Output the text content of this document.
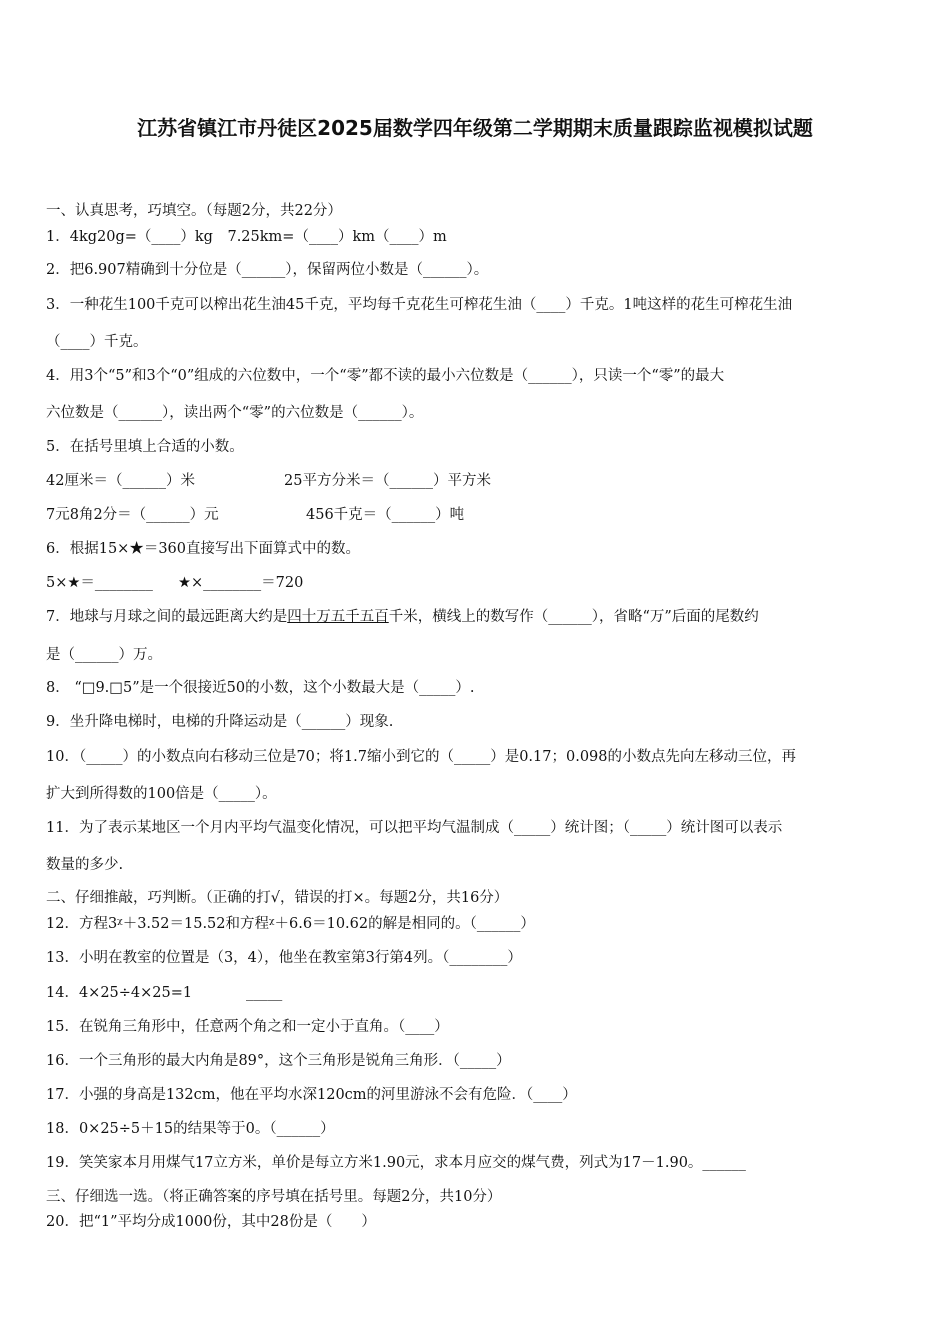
江苏省镇江市丹徒区2025届数学四年级第二学期期末质量跟踪监视模拟试题
一、认真思考，巧填空。（每题2分，共22分）
1．4kg20g=（____）kg　7.25km=（____）km（____）m
2．把6.907精确到十分位是（______），保留两位小数是（______）。
3．一种花生100千克可以榨出花生油45千克，平均每千克花生可榨花生油（____）千克。1吨这样的花生可榨花生油
（____）千克。
4．用3个“5”和3个“0”组成的六位数中，一个“零”都不读的最小六位数是（______），只读一个“零”的最大
六位数是（______），读出两个“零”的六位数是（______）。
5．在括号里填上合适的小数。
42厘米＝（______）米	25平方分米＝（______）平方米
7元8角2分＝（______）元	456千克＝（______）吨
6．根据15×★＝360直接写出下面算式中的数。
5×★＝________ ★×________＝720
7．地球与月球之间的最远距离大约是四十万五千五百千米，横线上的数写作（______），省略“万”后面的尾数约
是（______）万。
8． “□9.□5”是一个很接近50的小数，这个小数最大是（_____）.
9．坐升降电梯时，电梯的升降运动是（______）现象.
10．（_____）的小数点向右移动三位是70；将1.7缩小到它的（_____）是0.17；0.098的小数点先向左移动三位，再
扩大到所得数的100倍是（_____）。
11．为了表示某地区一个月内平均气温变化情况，可以把平均气温制成（_____）统计图；（_____）统计图可以表示
数量的多少.
二、仔细推敲，巧判断。（正确的打√，错误的打×。每题2分，共16分）
12．方程3ᵡ＋3.52＝15.52和方程ᵡ＋6.6＝10.62的解是相同的。（______）
13．小明在教室的位置是（3，4），他坐在教室第3行第4列。（________）
14．4×25÷4×25=1	_____
15．在锐角三角形中，任意两个角之和一定小于直角。（____）
16．一个三角形的最大内角是89°，这个三角形是锐角三角形．（_____）
17．小强的身高是132cm，他在平均水深120cm的河里游泳不会有危险．（____）
18．0×25÷5＋15的结果等于0。（______）
19．笑笑家本月用煤气17立方米，单价是每立方米1.90元，求本月应交的煤气费，列式为17－1.90。______
三、仔细选一选。（将正确答案的序号填在括号里。每题2分，共10分）
20．把“1”平均分成1000份，其中28份是（　　）
